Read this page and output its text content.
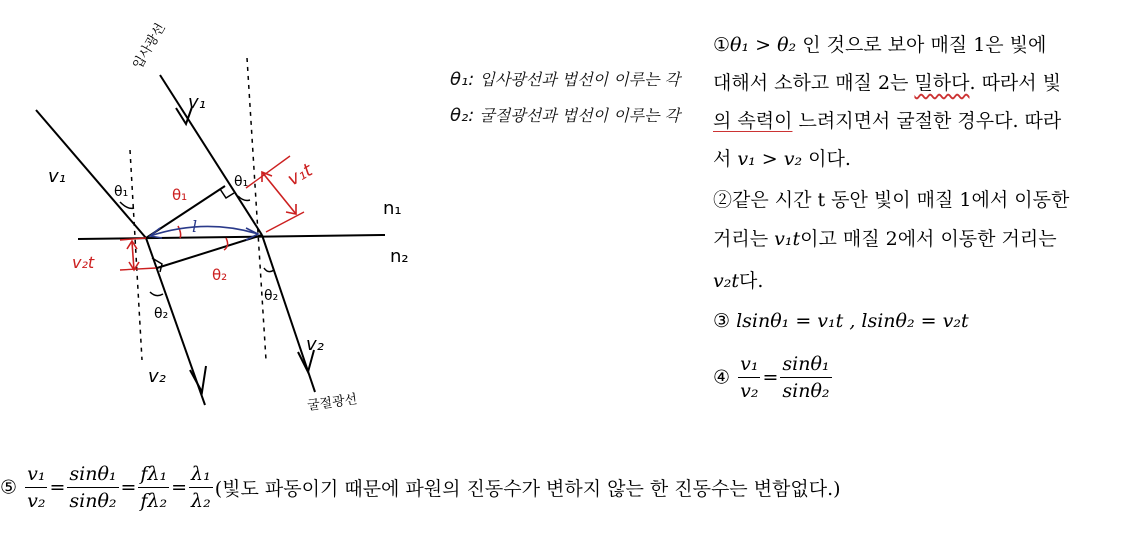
입사광선
굴절광선
v₁
v₁
v₂
v₂
n₁
n₂
θ₁
θ₁
θ₁
θ₂
θ₂
θ₂
l
v₁t
v₂t
θ₁: 입사광선과 법선이 이루는 각
θ₂: 굴절광선과 법선이 이루는 각
①θ₁ > θ₂ 인 것으로 보아 매질 1은 빛에
대해서 소하고 매질 2는 밀하다. 따라서 빛
의 속력이 느려지면서 굴절한 경우다. 따라
서 v₁ > v₂ 이다.
②같은 시간 t 동안 빛이 매질 1에서 이동한
거리는 v₁t이고 매질 2에서 이동한 거리는
v₂t다.
③ lsinθ₁ = v₁t , lsinθ₂ = v₂t
④ $\frac{\text{v₁}}{\text{v₂}} = \frac{\text{sinθ₁}}{\text{sinθ₂}}$
⑤ $\frac{\text{v₁}}{\text{v₂}} = \frac{\text{sinθ₁}}{\text{sinθ₂}} = \frac{\text{fλ₁}}{\text{fλ₂}} = \frac{\text{λ₁}}{\text{λ₂}}$ (빛도 파동이기 때문에 파원의 진동수가 변하지 않는 한 진동수는 변함없다.)
